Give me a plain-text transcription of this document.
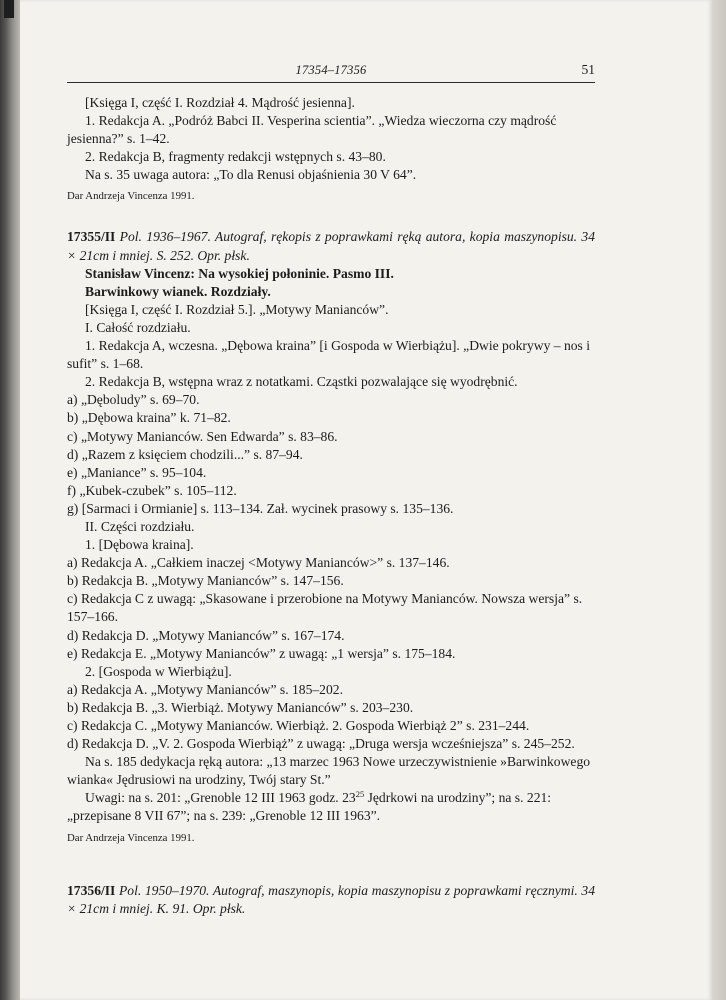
17354–17356	51

[Księga I, część I. Rozdział 4. Mądrość jesienna].

1. Redakcja A. „Podróż Babci II. Vesperina scientia”. „Wiedza wieczorna czy mądrość jesienna?” s. 1–42.

2. Redakcja B, fragmenty redakcji wstępnych s. 43–80.

Na s. 35 uwaga autora: „To dla Renusi objaśnienia 30 V 64”.

Dar Andrzeja Vincenza 1991.

17355/II Pol. 1936–1967. Autograf, rękopis z poprawkami ręką autora, kopia maszynopisu. 34 × 21cm i mniej. S. 252. Opr. płsk.

Stanisław Vincenz: Na wysokiej połoninie. Pasmo III.

Barwinkowy wianek. Rozdziały.

[Księga I, część I. Rozdział 5.]. „Motywy Manianców”.

I. Całość rozdziału.

1. Redakcja A, wczesna. „Dębowa kraina” [i Gospoda w Wierbiążu]. „Dwie pokrywy – nos i sufit” s. 1–68.

2. Redakcja B, wstępna wraz z notatkami. Cząstki pozwalające się wyodrębnić.

a) „Dęboludy” s. 69–70.

b) „Dębowa kraina” k. 71–82.

c) „Motywy Manianców. Sen Edwarda” s. 83–86.

d) „Razem z księciem chodzili...” s. 87–94.

e) „Maniance” s. 95–104.

f) „Kubek-czubek” s. 105–112.

g) [Sarmaci i Ormianie] s. 113–134. Zał. wycinek prasowy s. 135–136.

II. Części rozdziału.

1. [Dębowa kraina].

a) Redakcja A. „Całkiem inaczej <Motywy Manianców>” s. 137–146.

b) Redakcja B. „Motywy Manianców” s. 147–156.

c) Redakcja C z uwagą: „Skasowane i przerobione na Motywy Manianców. Nowsza wersja” s. 157–166.

d) Redakcja D. „Motywy Manianców” s. 167–174.

e) Redakcja E. „Motywy Manianców” z uwagą: „1 wersja” s. 175–184.

2. [Gospoda w Wierbiążu].

a) Redakcja A. „Motywy Manianców” s. 185–202.

b) Redakcja B. „3. Wierbiąż. Motywy Manianców” s. 203–230.

c) Redakcja C. „Motywy Manianców. Wierbiąż. 2. Gospoda Wierbiąż 2” s. 231–244.

d) Redakcja D. „V. 2. Gospoda Wierbiąż” z uwagą: „Druga wersja wcześniejsza” s. 245–252.

Na s. 185 dedykacja ręką autora: „13 marzec 1963 Nowe urzeczywistnienie »Barwinkowego wianka« Jędrusiowi na urodziny, Twój stary St.”

Uwagi: na s. 201: „Grenoble 12 III 1963 godz. $23^{25}$ Jędrkowi na urodziny”; na s. 221: „przepisane 8 VII 67”; na s. 239: „Grenoble 12 III 1963”.

Dar Andrzeja Vincenza 1991.

17356/II Pol. 1950–1970. Autograf, maszynopis, kopia maszynopisu z poprawkami ręcznymi. 34 × 21cm i mniej. K. 91. Opr. płsk.
